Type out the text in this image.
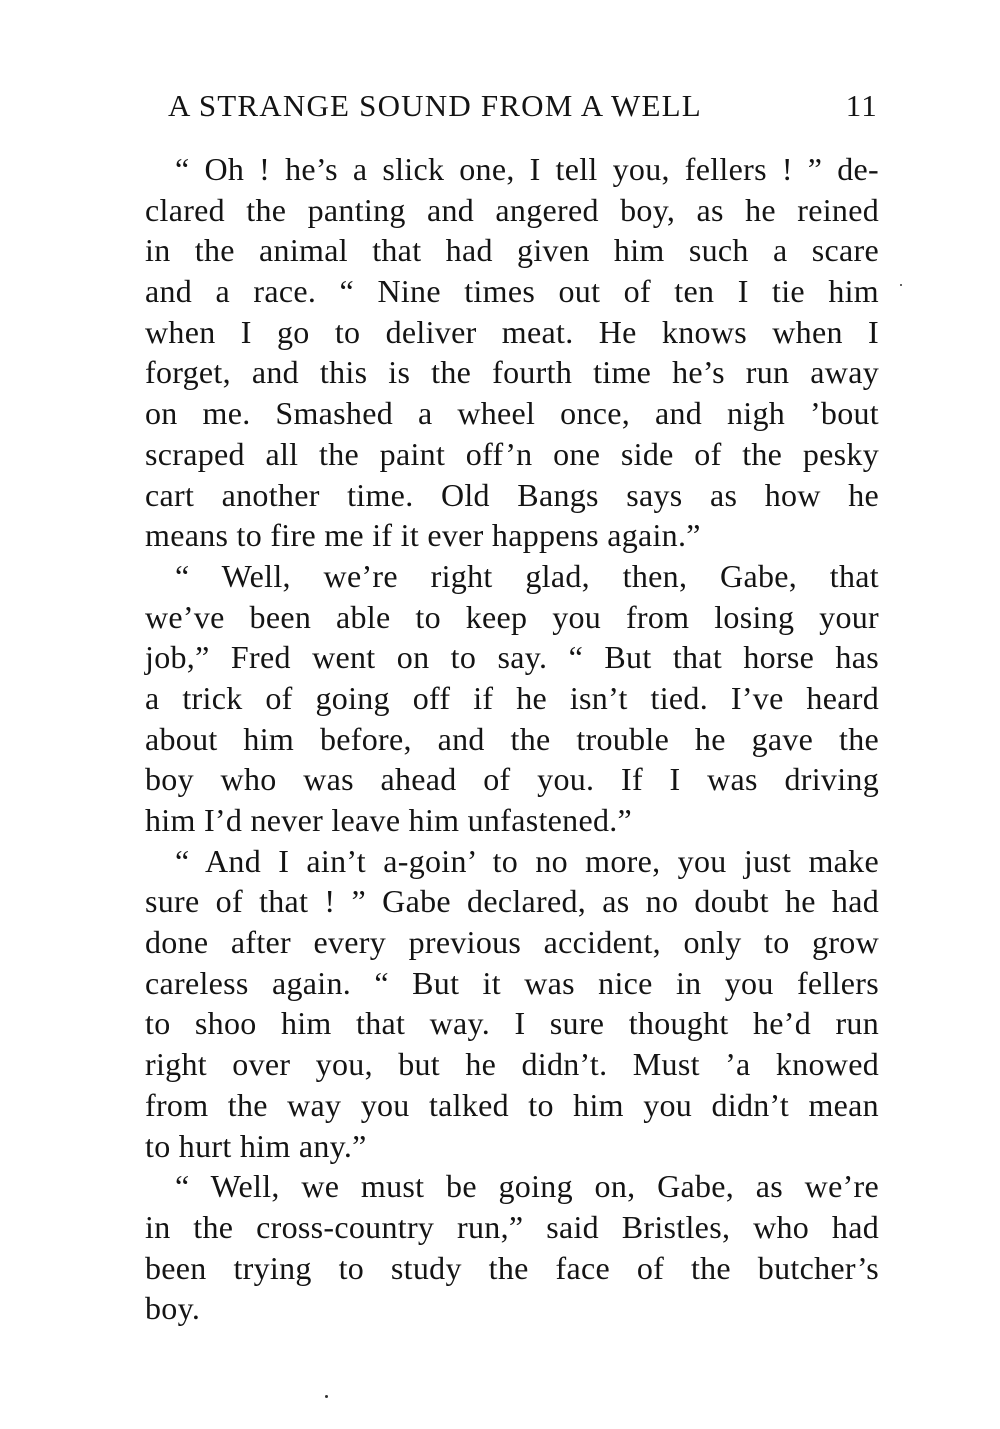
A STRANGE SOUND FROM A WELL	11
“ Oh ! he’s a slick one, I tell you, fellers ! ” de-
clared the panting and angered boy, as he reined
in the animal that had given him such a scare
and a race. “ Nine times out of ten I tie him
when I go to deliver meat. He knows when I
forget, and this is the fourth time he’s run away
on me. Smashed a wheel once, and nigh ’bout
scraped all the paint off’n one side of the pesky
cart another time. Old Bangs says as how he
means to fire me if it ever happens again.”
“ Well, we’re right glad, then, Gabe, that
we’ve been able to keep you from losing your
job,” Fred went on to say. “ But that horse has
a trick of going off if he isn’t tied. I’ve heard
about him before, and the trouble he gave the
boy who was ahead of you. If I was driving
him I’d never leave him unfastened.”
“ And I ain’t a-goin’ to no more, you just make
sure of that ! ” Gabe declared, as no doubt he had
done after every previous accident, only to grow
careless again. “ But it was nice in you fellers
to shoo him that way. I sure thought he’d run
right over you, but he didn’t. Must ’a knowed
from the way you talked to him you didn’t mean
to hurt him any.”
“ Well, we must be going on, Gabe, as we’re
in the cross-country run,” said Bristles, who had
been trying to study the face of the butcher’s
boy.
